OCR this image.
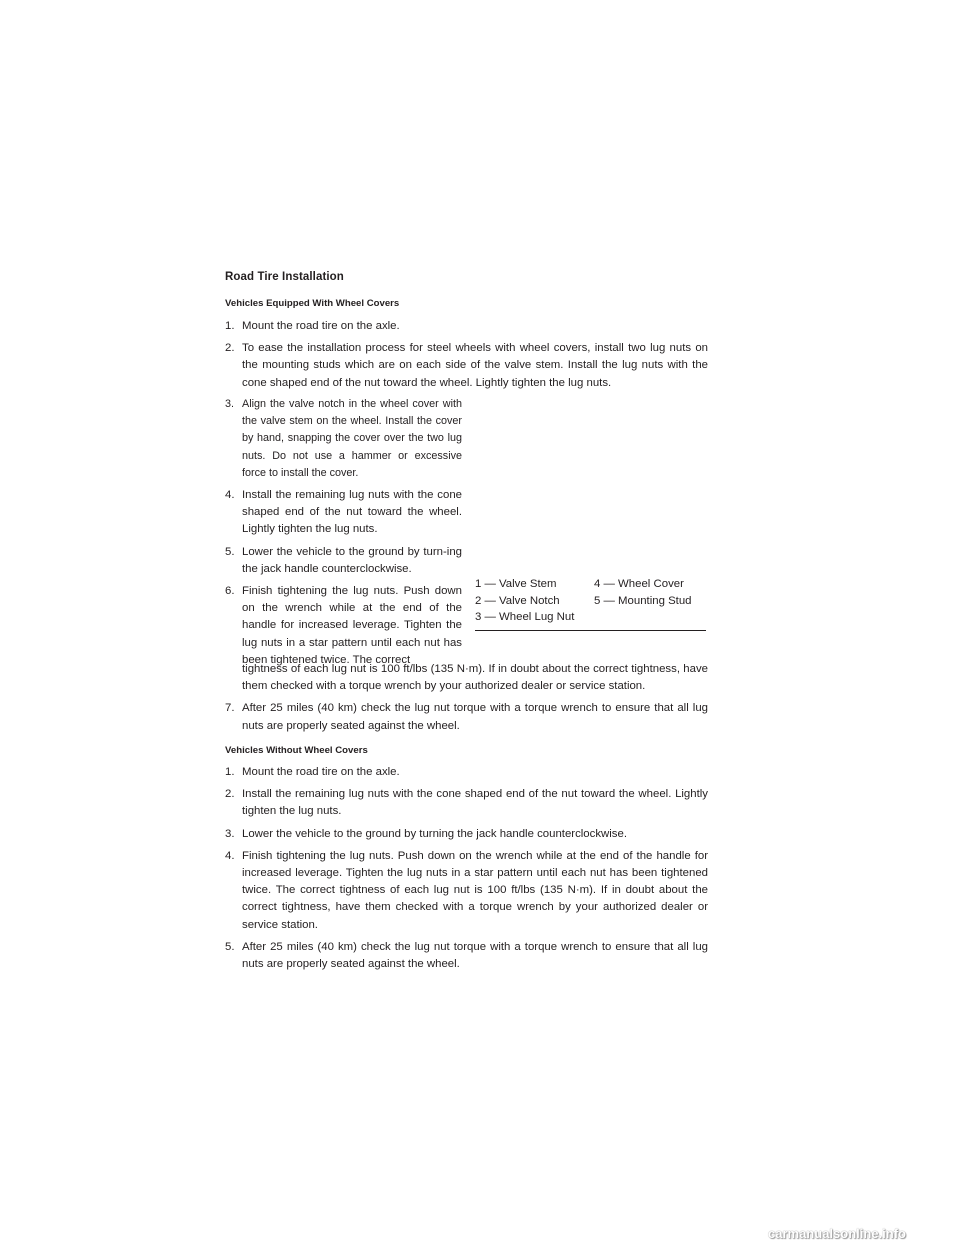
Road Tire Installation
Vehicles Equipped With Wheel Covers

1. Mount the road tire on the axle.

2. To ease the installation process for steel wheels with wheel covers, install two lug nuts on the mounting studs which are on each side of the valve stem. Install the lug nuts with the cone shaped end of the nut toward the wheel. Lightly tighten the lug nuts.

3. Align the valve notch in the wheel cover with the valve stem on the wheel. Install the cover by hand, snapping the cover over the two lug nuts. Do not use a hammer or excessive force to install the cover.

4. Install the remaining lug nuts with the cone shaped end of the nut toward the wheel. Lightly tighten the lug nuts.

5. Lower the vehicle to the ground by turn-ing the jack handle counterclockwise.

6. Finish tightening the lug nuts. Push down on the wrench while at the end of the handle for increased leverage. Tighten the lug nuts in a star pattern until each nut has been tightened twice. The correct

tightness of each lug nut is 100 ft/lbs (135 N·m). If in doubt about the correct tightness, have them checked with a torque wrench by your authorized dealer or service station.

7. After 25 miles (40 km) check the lug nut torque with a torque wrench to ensure that all lug nuts are properly seated against the wheel.

1 — Valve Stem	4 — Wheel Cover
2 — Valve Notch	5 — Mounting Stud
3 — Wheel Lug Nut	
Vehicles Without Wheel Covers

1. Mount the road tire on the axle.

2. Install the remaining lug nuts with the cone shaped end of the nut toward the wheel. Lightly tighten the lug nuts.

3. Lower the vehicle to the ground by turning the jack handle counterclockwise.

4. Finish tightening the lug nuts. Push down on the wrench while at the end of the handle for increased leverage. Tighten the lug nuts in a star pattern until each nut has been tightened twice. The correct tightness of each lug nut is 100 ft/lbs (135 N·m). If in doubt about the correct tightness, have them checked with a torque wrench by your authorized dealer or service station.

5. After 25 miles (40 km) check the lug nut torque with a torque wrench to ensure that all lug nuts are properly seated against the wheel.

carmanualsonline.info
